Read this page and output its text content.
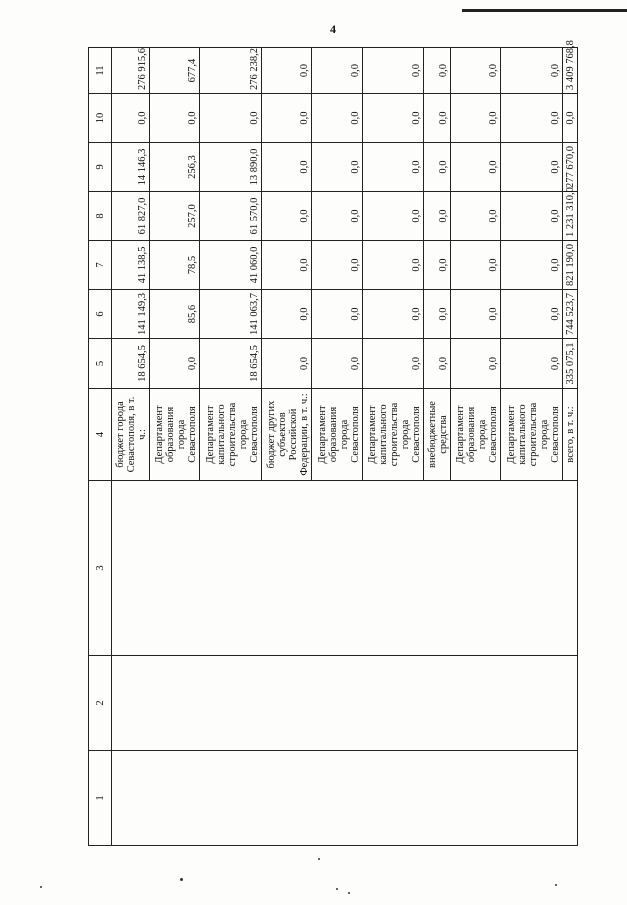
4
1	2	3	4	5	6	7	8	9	10	11
			бюджет города Севастополя, в т. ч.:	18 654,5	141 149,3	41 138,5	61 827,0	14 146,3	0,0	276 915,6
			Департамент образования города Севастополя	0,0	85,6	78,5	257,0	256,3	0,0	677,4
			Департамент капитального строительства города Севастополя	18 654,5	141 063,7	41 060,0	61 570,0	13 890,0	0,0	276 238,2
			бюджет других субъектов Российской Федерации, в т. ч.:	0,0	0,0	0,0	0,0	0,0	0,0	0,0
			Департамент образования города Севастополя	0,0	0,0	0,0	0,0	0,0	0,0	0,0
			Департамент капитального строительства города Севастополя	0,0	0,0	0,0	0,0	0,0	0,0	0,0
			внебюджетные средства	0,0	0,0	0,0	0,0	0,0	0,0	0,0
			Департамент образования города Севастополя	0,0	0,0	0,0	0,0	0,0	0,0	0,0
			Департамент капитального строительства города Севастополя	0,0	0,0	0,0	0,0	0,0	0,0	0,0
			всего, в т. ч.:	335 075,1	744 523,7	821 190,0	1 231 310,0	277 670,0	0,0	3 409 768,8
